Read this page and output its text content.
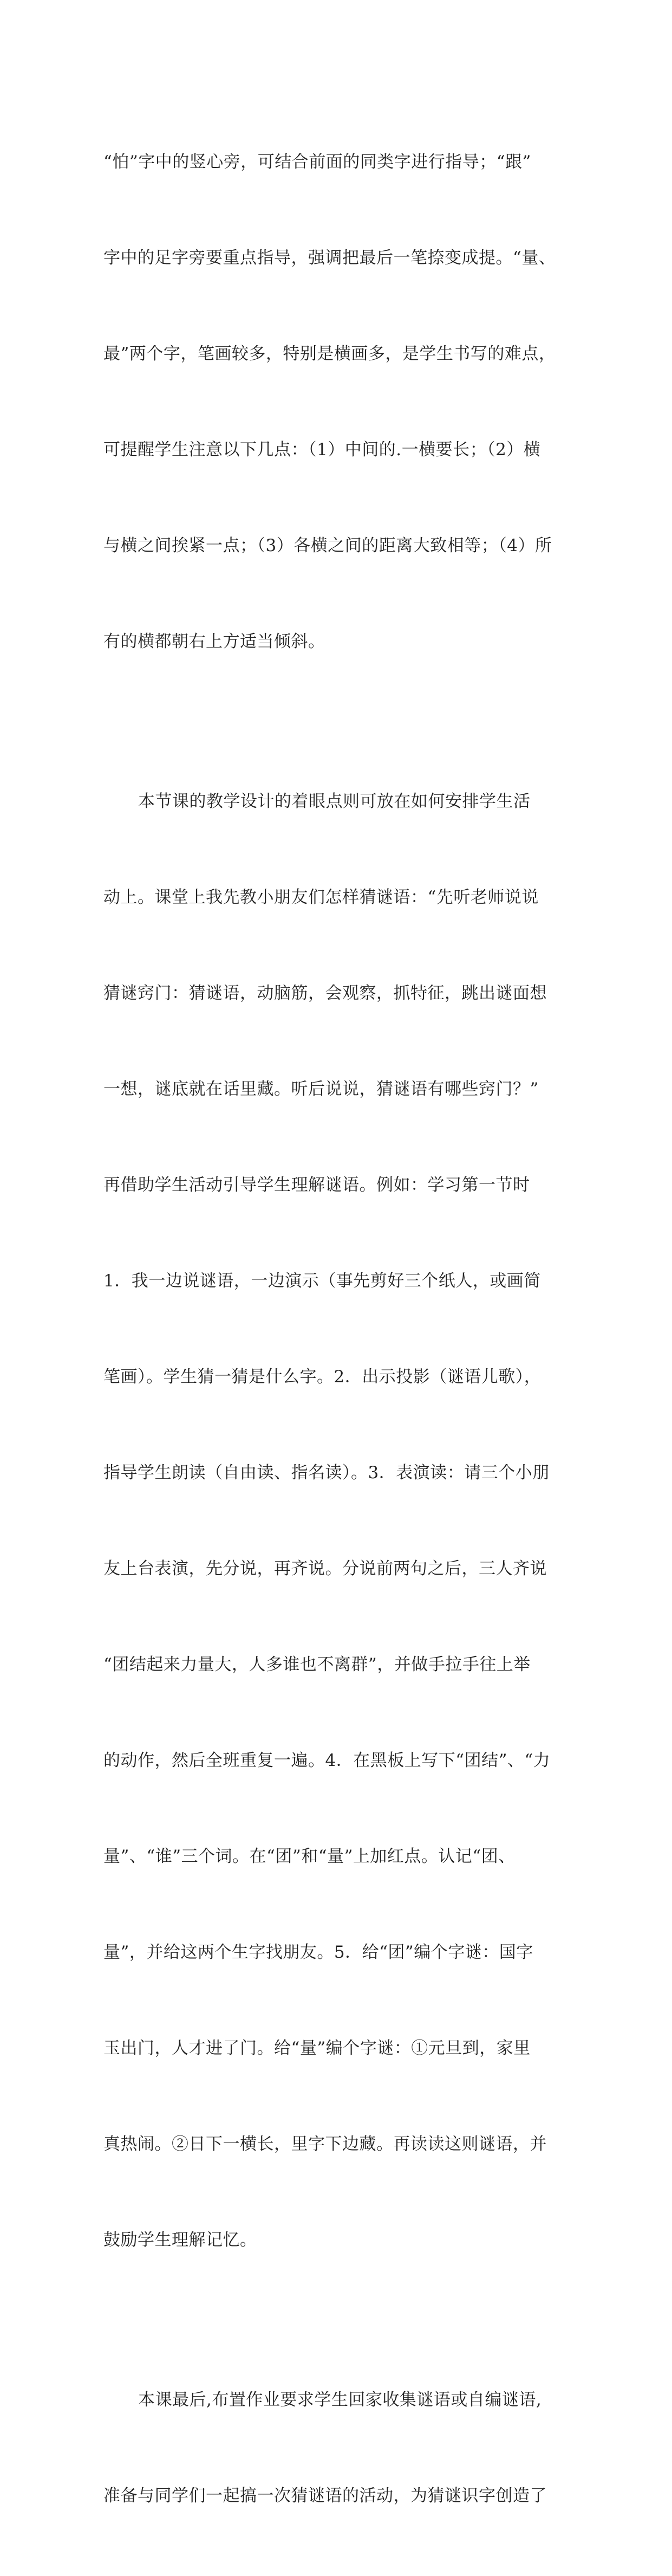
“怕”字中的竖心旁，可结合前面的同类字进行指导；“跟”

字中的足字旁要重点指导，强调把最后一笔捺变成提。“量、

最”两个字，笔画较多，特别是横画多，是学生书写的难点，

可提醒学生注意以下几点：（1）中间的.一横要长；（2）横

与横之间挨紧一点；（3）各横之间的距离大致相等；（4）所

有的横都朝右上方适当倾斜。

本节课的教学设计的着眼点则可放在如何安排学生活

动上。课堂上我先教小朋友们怎样猜谜语：“先听老师说说

猜谜窍门：猜谜语，动脑筋，会观察，抓特征，跳出谜面想

一想，谜底就在话里藏。听后说说，猜谜语有哪些窍门？”

再借助学生活动引导学生理解谜语。例如：学习第一节时

1．我一边说谜语，一边演示（事先剪好三个纸人，或画简

笔画）。学生猜一猜是什么字。2．出示投影（谜语儿歌），

指导学生朗读（自由读、指名读）。3．表演读：请三个小朋

友上台表演，先分说，再齐说。分说前两句之后，三人齐说

“团结起来力量大，人多谁也不离群”，并做手拉手往上举

的动作，然后全班重复一遍。4．在黑板上写下“团结”、“力

量”、“谁”三个词。在“团”和“量”上加红点。认记“团、

量”，并给这两个生字找朋友。5．给“团”编个字谜：国字

玉出门，人才进了门。给“量”编个字谜：①元旦到，家里

真热闹。②日下一横长，里字下边藏。再读读这则谜语，并

鼓励学生理解记忆。

本课最后,布置作业要求学生回家收集谜语或自编谜语,

准备与同学们一起搞一次猜谜语的活动，为猜谜识字创造了
